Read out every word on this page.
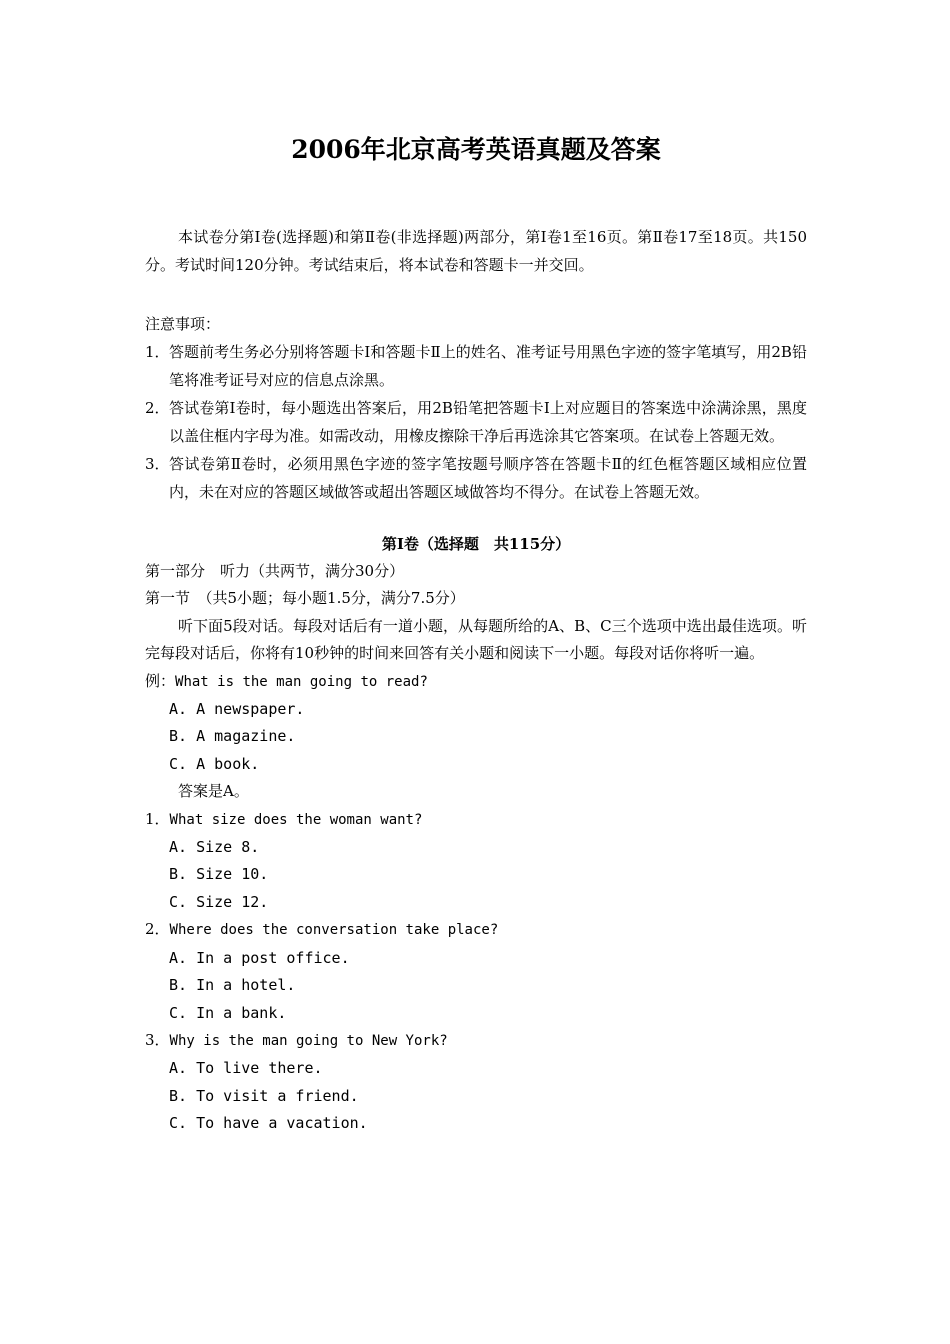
2006年北京高考英语真题及答案
本试卷分第Ⅰ卷(选择题)和第Ⅱ卷(非选择题)两部分，第Ⅰ卷1至16页。第Ⅱ卷17至18页。共150分。考试时间120分钟。考试结束后，将本试卷和答题卡一并交回。
注意事项：
1． 答题前考生务必分别将答题卡Ⅰ和答题卡Ⅱ上的姓名、准考证号用黑色字迹的签字笔填写，用2B铅笔将准考证号对应的信息点涂黑。
2． 答试卷第Ⅰ卷时，每小题选出答案后，用2B铅笔把答题卡Ⅰ上对应题目的答案选中涂满涂黑，黑度以盖住框内字母为准。如需改动，用橡皮擦除干净后再选涂其它答案项。在试卷上答题无效。
3． 答试卷第Ⅱ卷时，必须用黑色字迹的签字笔按题号顺序答在答题卡Ⅱ的红色框答题区域相应位置内，未在对应的答题区域做答或超出答题区域做答均不得分。在试卷上答题无效。
第Ⅰ卷（选择题　共115分）
第一部分　听力（共两节，满分30分）
第一节　（共5小题；每小题1.5分，满分7.5分）
听下面5段对话。每段对话后有一道小题，从每题所给的A、B、C三个选项中选出最佳选项。听完每段对话后，你将有10秒钟的时间来回答有关小题和阅读下一小题。每段对话你将听一遍。
例：What is the man going to read?
A. A newspaper.
B. A magazine.
C. A book.
答案是A。
1．What size does the woman want?
A. Size 8.
B. Size 10.
C. Size 12.
2．Where does the conversation take place?
A. In a post office.
B. In a hotel.
C. In a bank.
3．Why is the man going to New York?
A. To live there.
B. To visit a friend.
C. To have a vacation.
